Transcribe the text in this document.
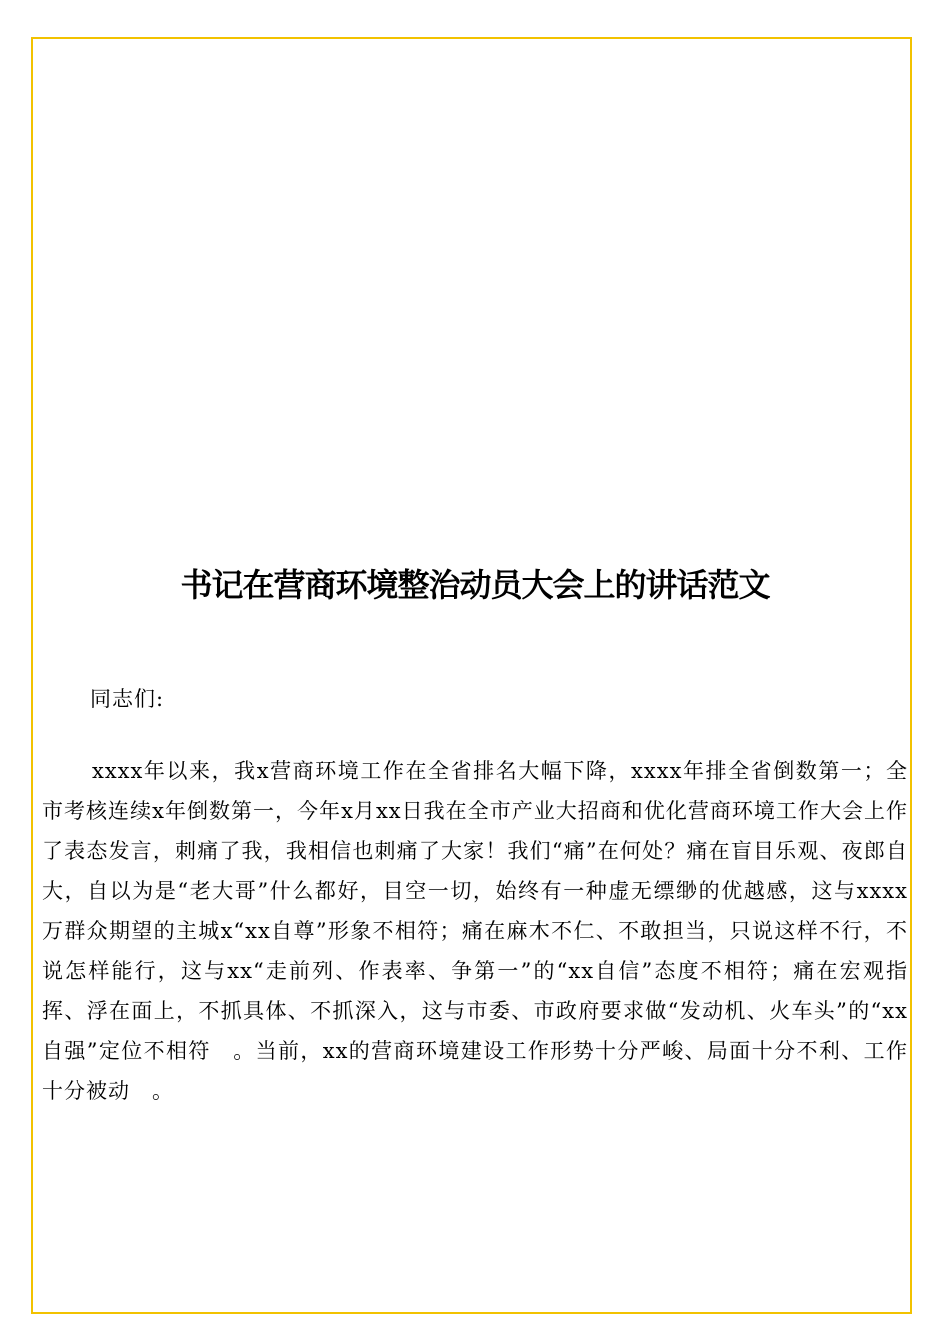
书记在营商环境整治动员大会上的讲话范文
同志们:

xxxx年以来，我x营商环境工作在全省排名大幅下降，xxxx年排全省倒数第一；全市考核连续x年倒数第一，今年x月xx日我在全市产业大招商和优化营商环境工作大会上作了表态发言，刺痛了我，我相信也刺痛了大家！我们“痛”在何处？痛在盲目乐观、夜郎自大，自以为是“老大哥”什么都好，目空一切，始终有一种虚无缥缈的优越感，这与xxxx万群众期望的主城x“xx自尊”形象不相符；痛在麻木不仁、不敢担当，只说这样不行，不说怎样能行，这与xx“走前列、作表率、争第一”的“xx自信”态度不相符；痛在宏观指挥、浮在面上，不抓具体、不抓深入，这与市委、市政府要求做“发动机、火车头”的“xx自强”定位不相符　。当前，xx的营商环境建设工作形势十分严峻、局面十分不利、工作十分被动　。
